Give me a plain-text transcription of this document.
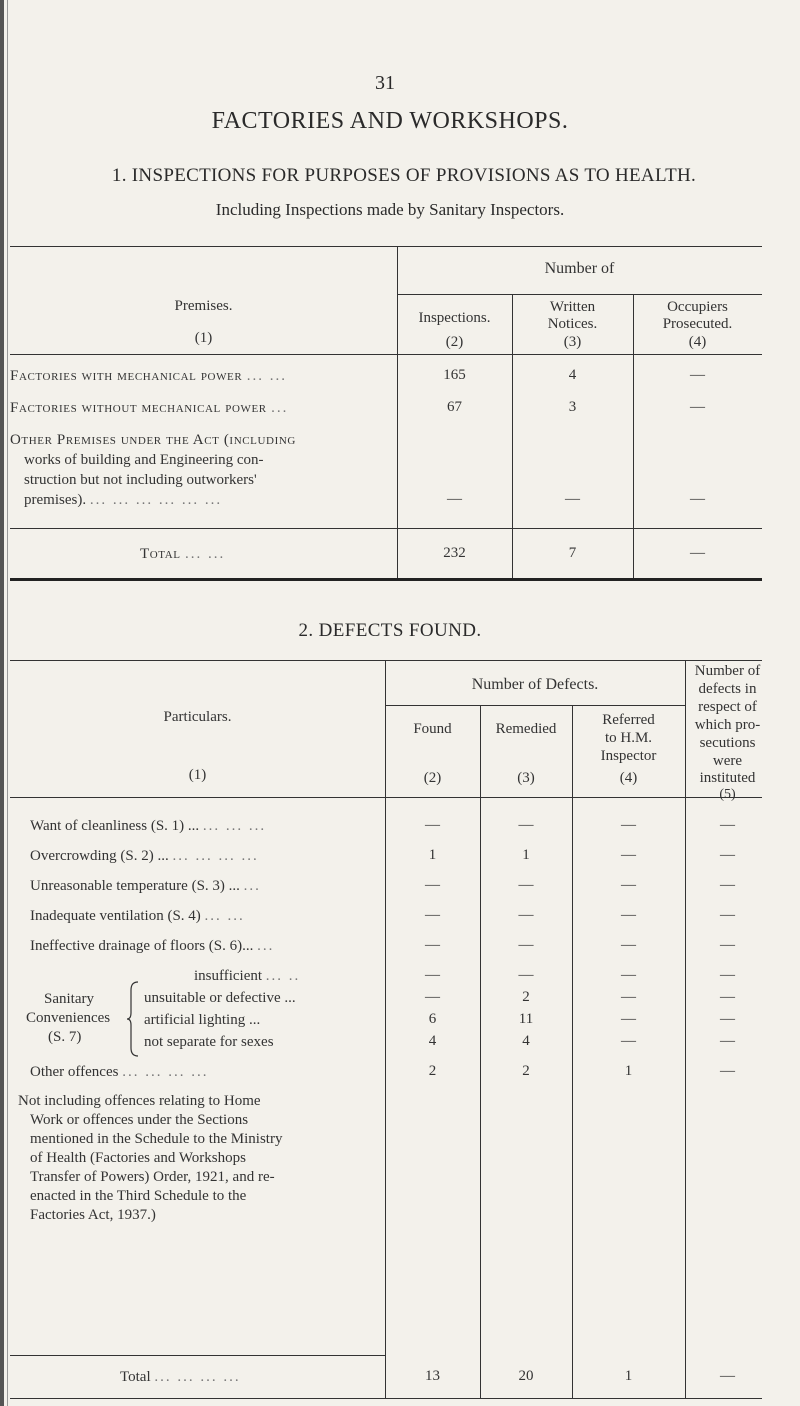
31
FACTORIES AND WORKSHOPS.
1. INSPECTIONS FOR PURPOSES OF PROVISIONS AS TO HEALTH.
Including Inspections made by Sanitary Inspectors.
Premises.
(1)
Number of
Inspections.
(2)
Written
Notices.
(3)
Occupiers
Prosecuted.
(4)
Factories with mechanical power ... ...	165	4	—
Factories without mechanical power ...	67	3	—
Other Premises under the Act (including
works of building and Engineering con-
struction but not including outworkers'
premises). ... ... ... ... ... ...	—	—	—
Total ... ...	232	7	—
2. DEFECTS FOUND.
Particulars.
(1)
Number of Defects.
Found
(2)
Remedied
(3)
Referred
to H.M.
Inspector
(4)
Number of
defects in
respect of
which pro-
secutions
were
instituted
(5)
Want of cleanliness (S. 1) ... ... ... ...	—	—	—	—
Overcrowding (S. 2) ... ... ... ... ...	1	1	—	—
Unreasonable temperature (S. 3) ... ...	—	—	—	—
Inadequate ventilation (S. 4) ... ...	—	—	—	—
Ineffective drainage of floors (S. 6)... ...	—	—	—	—
Sanitary
Conveniences
(S. 7)
insufficient ... ..	—	—	—	—
unsuitable or defective ...	—	2	—	—
artificial lighting ...	6	11	—	—
not separate for sexes	4	4	—	—
Other offences ... ... ... ...	2	2	1	—
Not including offences relating to Home
Work or offences under the Sections
mentioned in the Schedule to the Ministry
of Health (Factories and Workshops
Transfer of Powers) Order, 1921, and re-
enacted in the Third Schedule to the
Factories Act, 1937.)
Total ... ... ... ...	13	20	1	—
